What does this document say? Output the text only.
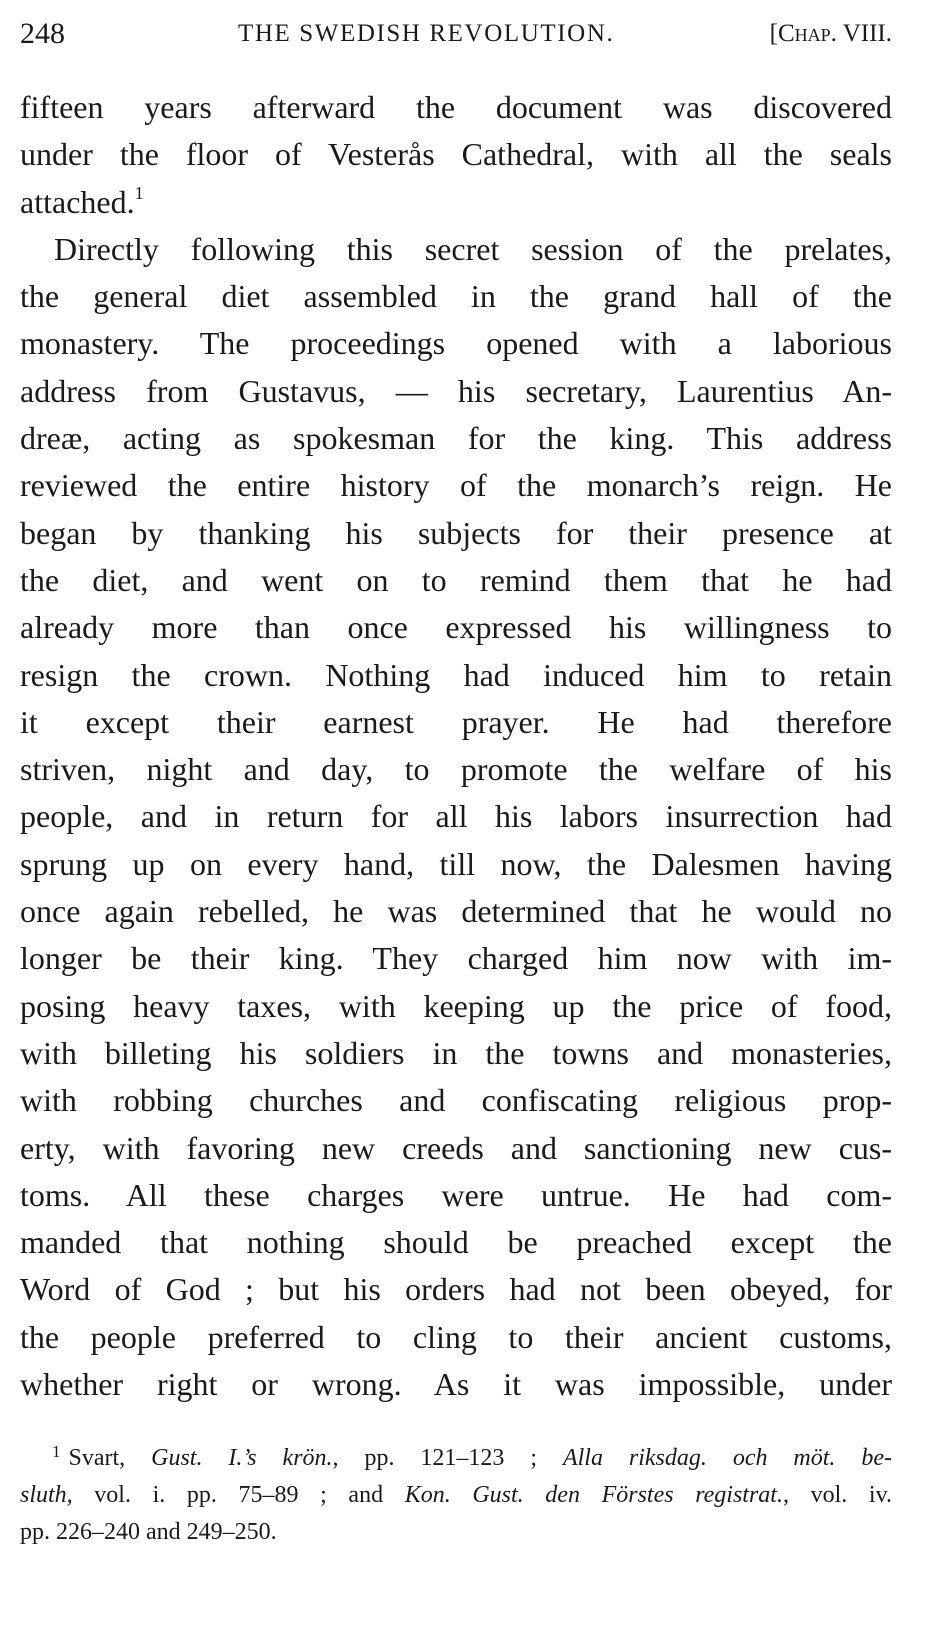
248	THE SWEDISH REVOLUTION.	[Chap. VIII.
fifteen years afterward the document was discovered
under the floor of Vesterås Cathedral, with all the seals
attached.$^1$
Directly following this secret session of the prelates,
the general diet assembled in the grand hall of the
monastery. The proceedings opened with a laborious
address from Gustavus, — his secretary, Laurentius An-
dreæ, acting as spokesman for the king. This address
reviewed the entire history of the monarch’s reign. He
began by thanking his subjects for their presence at
the diet, and went on to remind them that he had
already more than once expressed his willingness to
resign the crown. Nothing had induced him to retain
it except their earnest prayer. He had therefore
striven, night and day, to promote the welfare of his
people, and in return for all his labors insurrection had
sprung up on every hand, till now, the Dalesmen having
once again rebelled, he was determined that he would no
longer be their king. They charged him now with im-
posing heavy taxes, with keeping up the price of food,
with billeting his soldiers in the towns and monasteries,
with robbing churches and confiscating religious prop-
erty, with favoring new creeds and sanctioning new cus-
toms. All these charges were untrue. He had com-
manded that nothing should be preached except the
Word of God ; but his orders had not been obeyed, for
the people preferred to cling to their ancient customs,
whether right or wrong. As it was impossible, under
$^1$ Svart, Gust. I.’s krön., pp. 121–123 ; Alla riksdag. och möt. be-
sluth, vol. i. pp. 75–89 ; and Kon. Gust. den Förstes registrat., vol. iv.
pp. 226–240 and 249–250.
